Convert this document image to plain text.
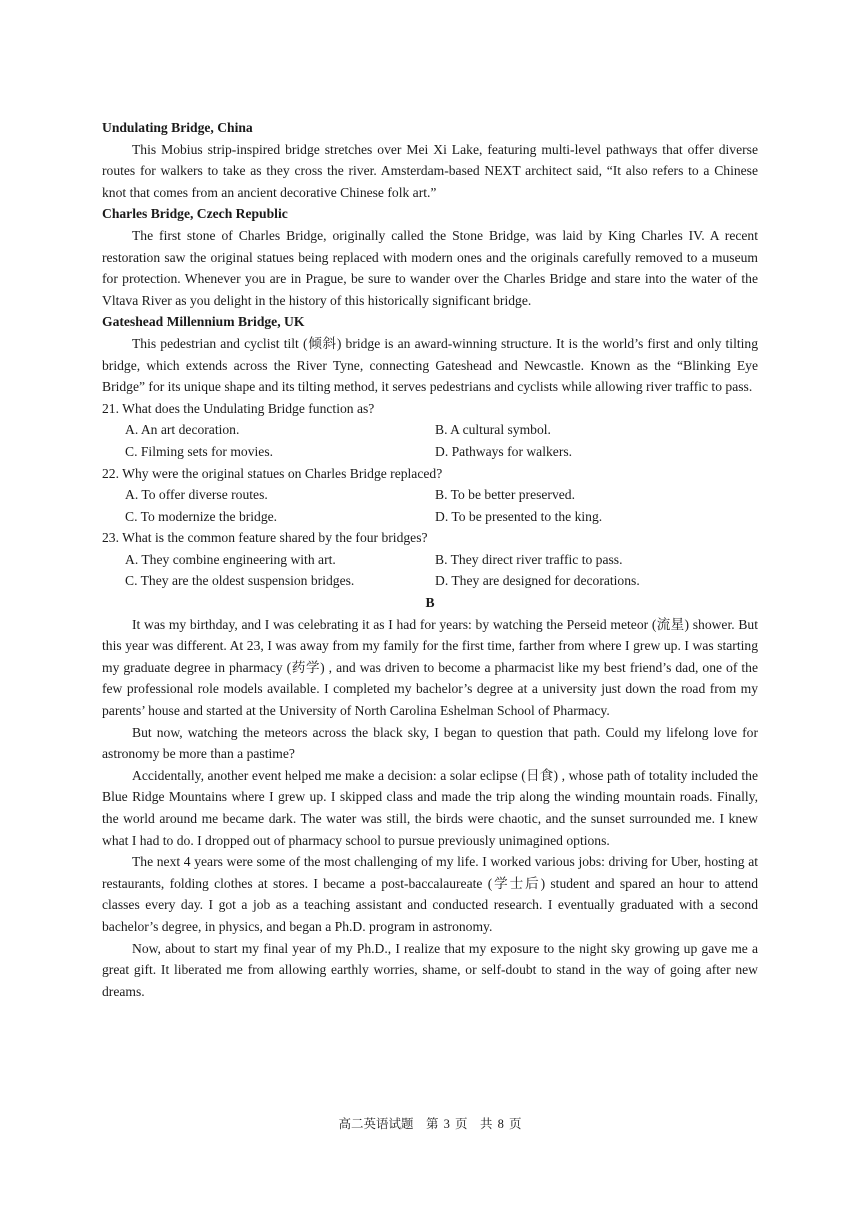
Undulating Bridge, China

This Mobius strip-inspired bridge stretches over Mei Xi Lake, featuring multi-level pathways that offer diverse routes for walkers to take as they cross the river. Amsterdam-based NEXT architect said, “It also refers to a Chinese knot that comes from an ancient decorative Chinese folk art.”

Charles Bridge, Czech Republic

The first stone of Charles Bridge, originally called the Stone Bridge, was laid by King Charles IV. A recent restoration saw the original statues being replaced with modern ones and the originals carefully removed to a museum for protection. Whenever you are in Prague, be sure to wander over the Charles Bridge and stare into the water of the Vltava River as you delight in the history of this historically significant bridge.

Gateshead Millennium Bridge, UK

This pedestrian and cyclist tilt (倾斜) bridge is an award-winning structure. It is the world’s first and only tilting bridge, which extends across the River Tyne, connecting Gateshead and Newcastle. Known as the “Blinking Eye Bridge” for its unique shape and its tilting method, it serves pedestrians and cyclists while allowing river traffic to pass.

21. What does the Undulating Bridge function as?

A. An art decoration.	B. A cultural symbol.
C. Filming sets for movies.	D. Pathways for walkers.

22. Why were the original statues on Charles Bridge replaced?

A. To offer diverse routes.	B. To be better preserved.
C. To modernize the bridge.	D. To be presented to the king.

23. What is the common feature shared by the four bridges?

A. They combine engineering with art.	B. They direct river traffic to pass.
C. They are the oldest suspension bridges.	D. They are designed for decorations.

B

It was my birthday, and I was celebrating it as I had for years: by watching the Perseid meteor (流星) shower. But this year was different. At 23, I was away from my family for the first time, farther from where I grew up. I was starting my graduate degree in pharmacy (药学) , and was driven to become a pharmacist like my best friend’s dad, one of the few professional role models available. I completed my bachelor’s degree at a university just down the road from my parents’ house and started at the University of North Carolina Eshelman School of Pharmacy.

But now, watching the meteors across the black sky, I began to question that path. Could my lifelong love for astronomy be more than a pastime?

Accidentally, another event helped me make a decision: a solar eclipse (日食) , whose path of totality included the Blue Ridge Mountains where I grew up. I skipped class and made the trip along the winding mountain roads. Finally, the world around me became dark. The water was still, the birds were chaotic, and the sunset surrounded me. I knew what I had to do. I dropped out of pharmacy school to pursue previously unimagined options.

The next 4 years were some of the most challenging of my life. I worked various jobs: driving for Uber, hosting at restaurants, folding clothes at stores. I became a post-baccalaureate (学士后) student and spared an hour to attend classes every day. I got a job as a teaching assistant and conducted research. I eventually graduated with a second bachelor’s degree, in physics, and began a Ph.D. program in astronomy.

Now, about to start my final year of my Ph.D., I realize that my exposure to the night sky growing up gave me a great gift. It liberated me from allowing earthly worries, shame, or self-doubt to stand in the way of going after new dreams.

高二英语试题　第 3 页　共 8 页
